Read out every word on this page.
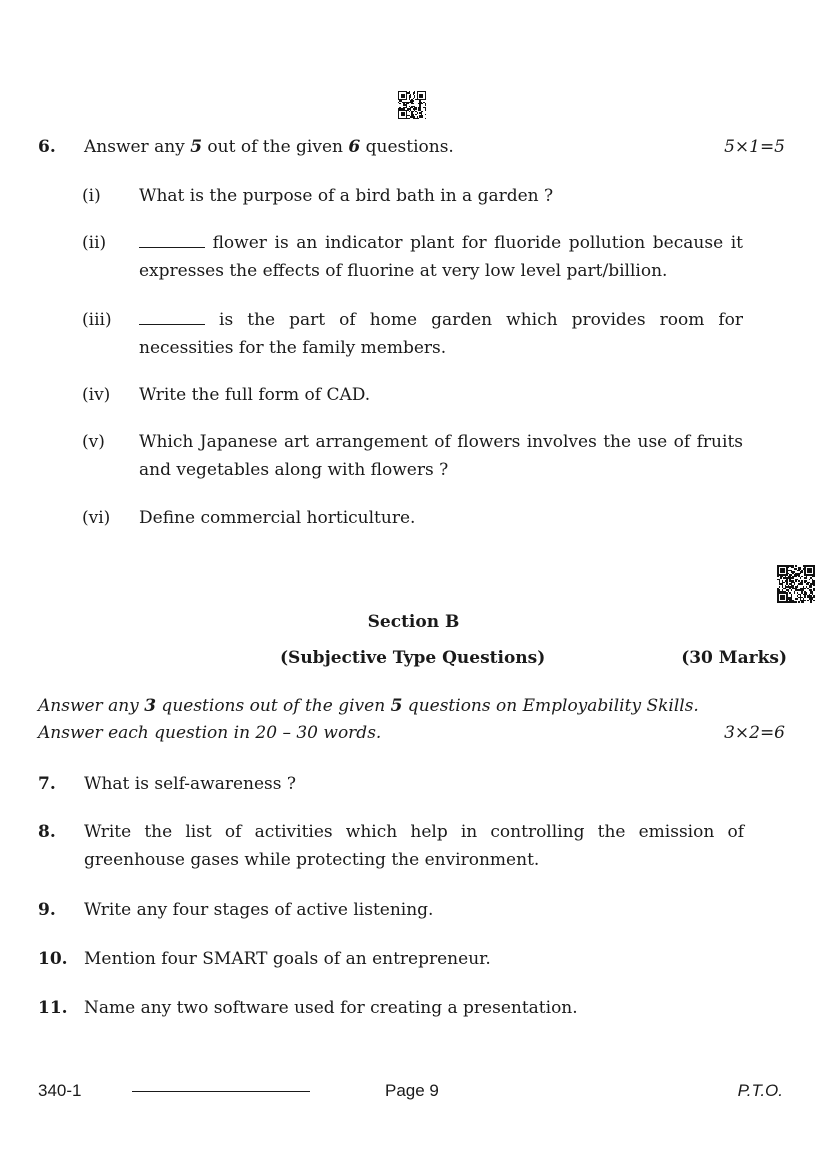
6. Answer any 5 out of the given 6 questions.	5×1=5
(i) What is the purpose of a bird bath in a garden ?
(ii)	flower is an indicator plant for fluoride pollution because it expresses the effects of fluorine at very low level part/billion.
(iii)	is the part of home garden which provides room for necessities for the family members.
(iv) Write the full form of CAD.
(v) Which Japanese art arrangement of flowers involves the use of fruits and vegetables along with flowers ?
(vi) Define commercial horticulture.
Section B
(Subjective Type Questions)	(30 Marks)
Answer any 3 questions out of the given 5 questions on Employability Skills.
Answer each question in 20 – 30 words.	3×2=6
7. What is self-awareness ?
8. Write the list of activities which help in controlling the emission of greenhouse gases while protecting the environment.
9. Write any four stages of active listening.
10. Mention four SMART goals of an entrepreneur.
11. Name any two software used for creating a presentation.
340-1	Page 9	P.T.O.
